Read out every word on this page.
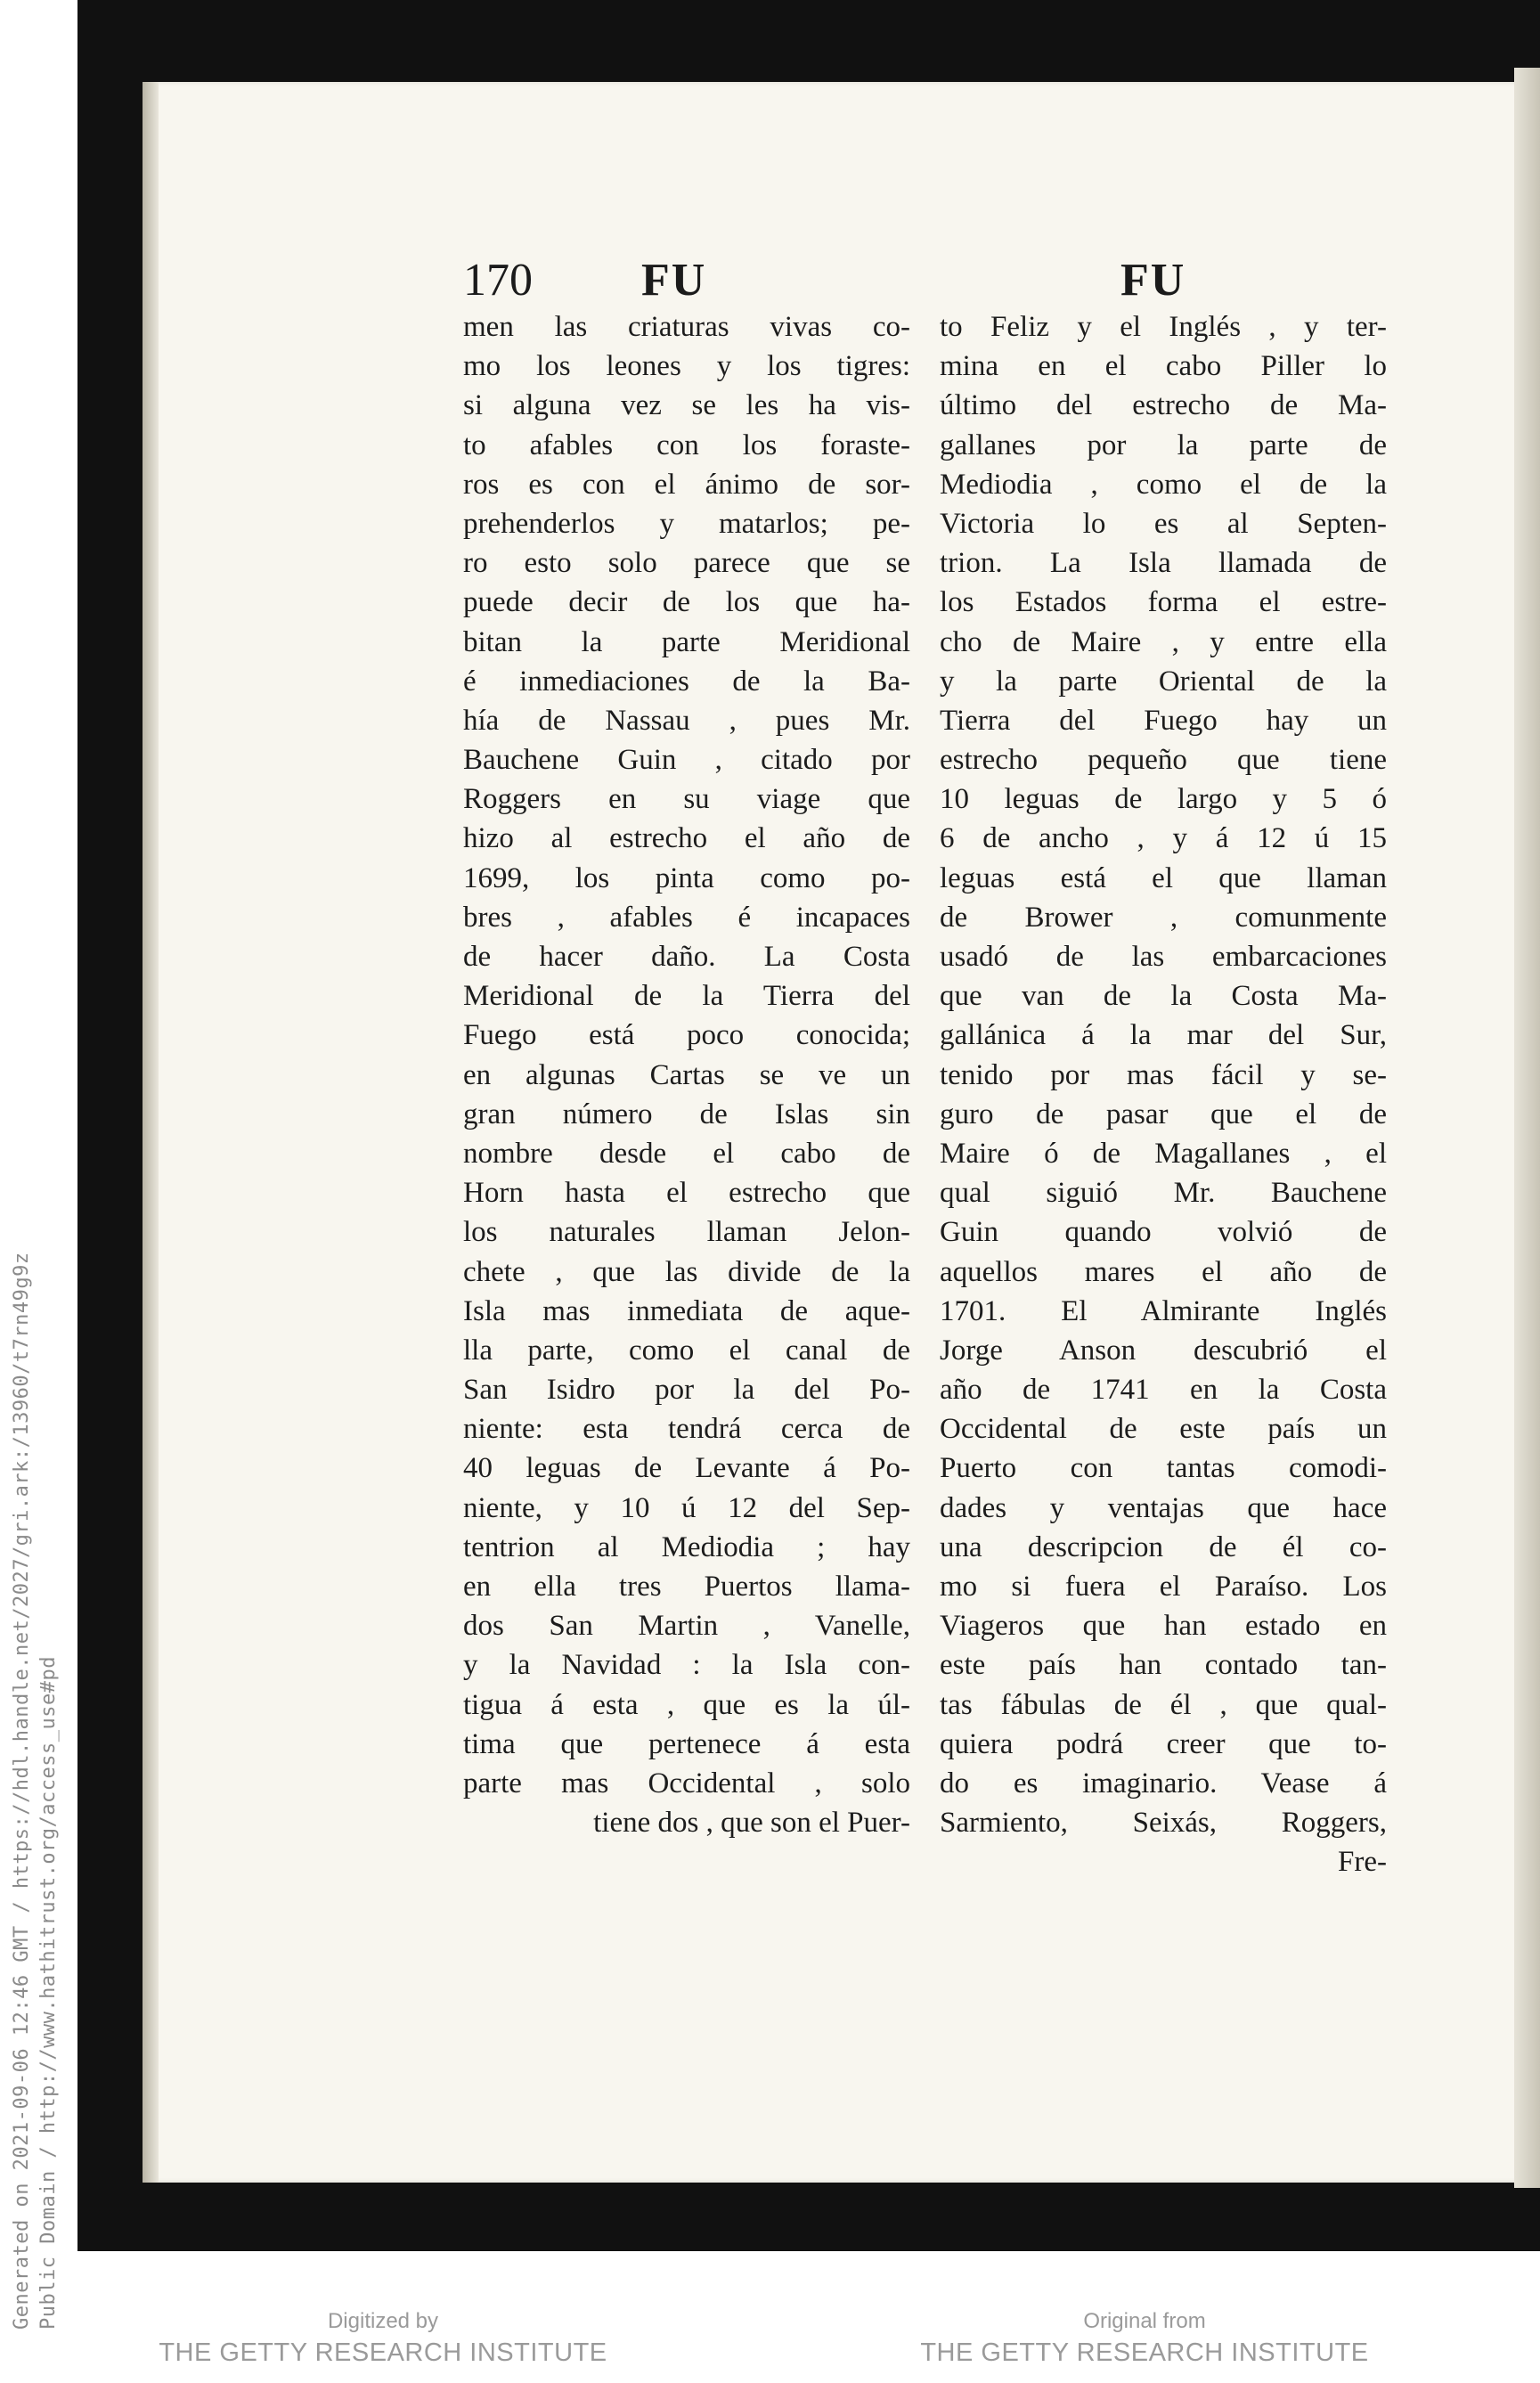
Generated on 2021-09-06 12:46 GMT / https://hdl.handle.net/2027/gri.ark:/13960/t7rn49g9z Public Domain / http://www.hathitrust.org/access_use#pd
170 FU	FU
men las criaturas vivas co-
mo los leones y los tigres:
si alguna vez se les ha vis-
to afables con los foraste-
ros es con el ánimo de sor-
prehenderlos y matarlos; pe-
ro esto solo parece que se
puede decir de los que ha-
bitan la parte Meridional
é inmediaciones de la Ba-
hía de Nassau , pues Mr.
Bauchene Guin , citado por
Roggers en su viage que
hizo al estrecho el año de
1699, los pinta como po-
bres , afables é incapaces
de hacer daño. La Costa
Meridional de la Tierra del
Fuego está poco conocida;
en algunas Cartas se ve un
gran número de Islas sin
nombre desde el cabo de
Horn hasta el estrecho que
los naturales llaman Jelon-
chete , que las divide de la
Isla mas inmediata de aque-
lla parte, como el canal de
San Isidro por la del Po-
niente: esta tendrá cerca de
40 leguas de Levante á Po-
niente, y 10 ú 12 del Sep-
tentrion al Mediodia ; hay
en ella tres Puertos llama-
dos San Martin , Vanelle,
y la Navidad : la Isla con-
tigua á esta , que es la úl-
tima que pertenece á esta
parte mas Occidental , solo
tiene dos , que son el Puer-
to Feliz y el Inglés , y ter-
mina en el cabo Piller lo
último del estrecho de Ma-
gallanes por la parte de
Mediodia , como el de la
Victoria lo es al Septen-
trion. La Isla llamada de
los Estados forma el estre-
cho de Maire , y entre ella
y la parte Oriental de la
Tierra del Fuego hay un
estrecho pequeño que tiene
10 leguas de largo y 5 ó
6 de ancho , y á 12 ú 15
leguas está el que llaman
de Brower , comunmente
usadó de las embarcaciones
que van de la Costa Ma-
gallánica á la mar del Sur,
tenido por mas fácil y se-
guro de pasar que el de
Maire ó de Magallanes , el
qual siguió Mr. Bauchene
Guin quando volvió de
aquellos mares el año de
1701. El Almirante Inglés
Jorge Anson descubrió el
año de 1741 en la Costa
Occidental de este país un
Puerto con tantas comodi-
dades y ventajas que hace
una descripcion de él co-
mo si fuera el Paraíso. Los
Viageros que han estado en
este país han contado tan-
tas fábulas de él , que qual-
quiera podrá creer que to-
do es imaginario. Vease á
Sarmiento, Seixás, Roggers,
Fre-
Digitized by
THE GETTY RESEARCH INSTITUTE
Original from
THE GETTY RESEARCH INSTITUTE
